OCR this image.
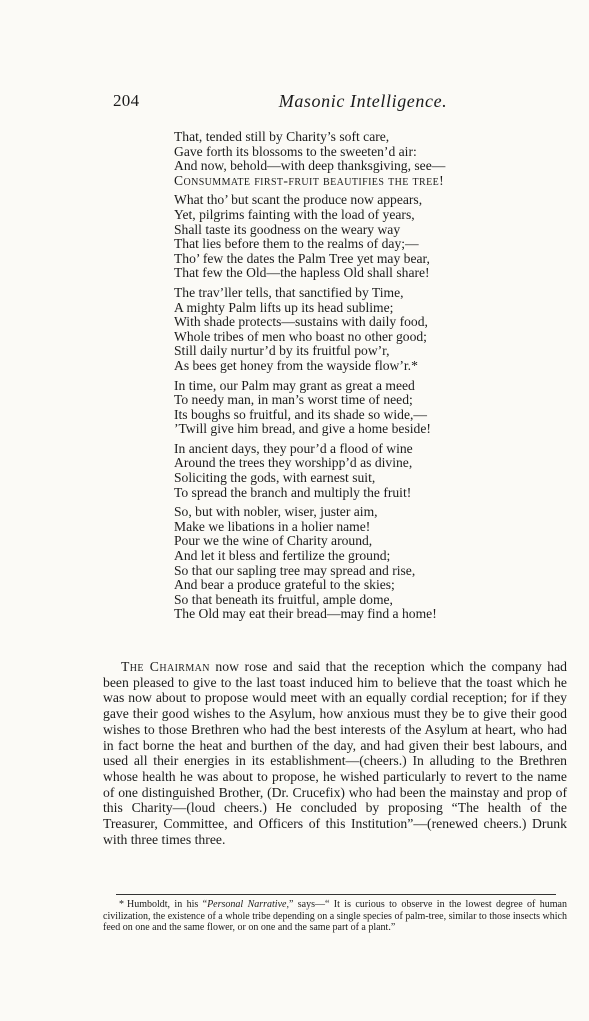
204	Masonic Intelligence.
That, tended still by Charity’s soft care,
Gave forth its blossoms to the sweeten’d air:
And now, behold—with deep thanksgiving, see—
Consummate first-fruit beautifies the tree!
What tho’ but scant the produce now appears,
Yet, pilgrims fainting with the load of years,
Shall taste its goodness on the weary way
That lies before them to the realms of day;—
Tho’ few the dates the Palm Tree yet may bear,
That few the Old—the hapless Old shall share!
The trav’ller tells, that sanctified by Time,
A mighty Palm lifts up its head sublime;
With shade protects—sustains with daily food,
Whole tribes of men who boast no other good;
Still daily nurtur’d by its fruitful pow’r,
As bees get honey from the wayside flow’r.*
In time, our Palm may grant as great a meed
To needy man, in man’s worst time of need;
Its boughs so fruitful, and its shade so wide,—
’Twill give him bread, and give a home beside!
In ancient days, they pour’d a flood of wine
Around the trees they worshipp’d as divine,
Soliciting the gods, with earnest suit,
To spread the branch and multiply the fruit!
So, but with nobler, wiser, juster aim,
Make we libations in a holier name!
Pour we the wine of Charity around,
And let it bless and fertilize the ground;
So that our sapling tree may spread and rise,
And bear a produce grateful to the skies;
So that beneath its fruitful, ample dome,
The Old may eat their bread—may find a home!

The Chairman now rose and said that the reception which the company had been pleased to give to the last toast induced him to believe that the toast which he was now about to propose would meet with an equally cordial reception; for if they gave their good wishes to the Asylum, how anxious must they be to give their good wishes to those Brethren who had the best interests of the Asylum at heart, who had in fact borne the heat and burthen of the day, and had given their best labours, and used all their energies in its establishment—(cheers.) In alluding to the Brethren whose health he was about to propose, he wished particularly to revert to the name of one distinguished Brother, (Dr. Crucefix) who had been the mainstay and prop of this Charity—(loud cheers.) He concluded by proposing “The health of the Treasurer, Committee, and Officers of this Institution”—(renewed cheers.) Drunk with three times three.

* Humboldt, in his “Personal Narrative,” says—“ It is curious to observe in the lowest degree of human civilization, the existence of a whole tribe depending on a single species of palm-tree, similar to those insects which feed on one and the same flower, or on one and the same part of a plant.”
